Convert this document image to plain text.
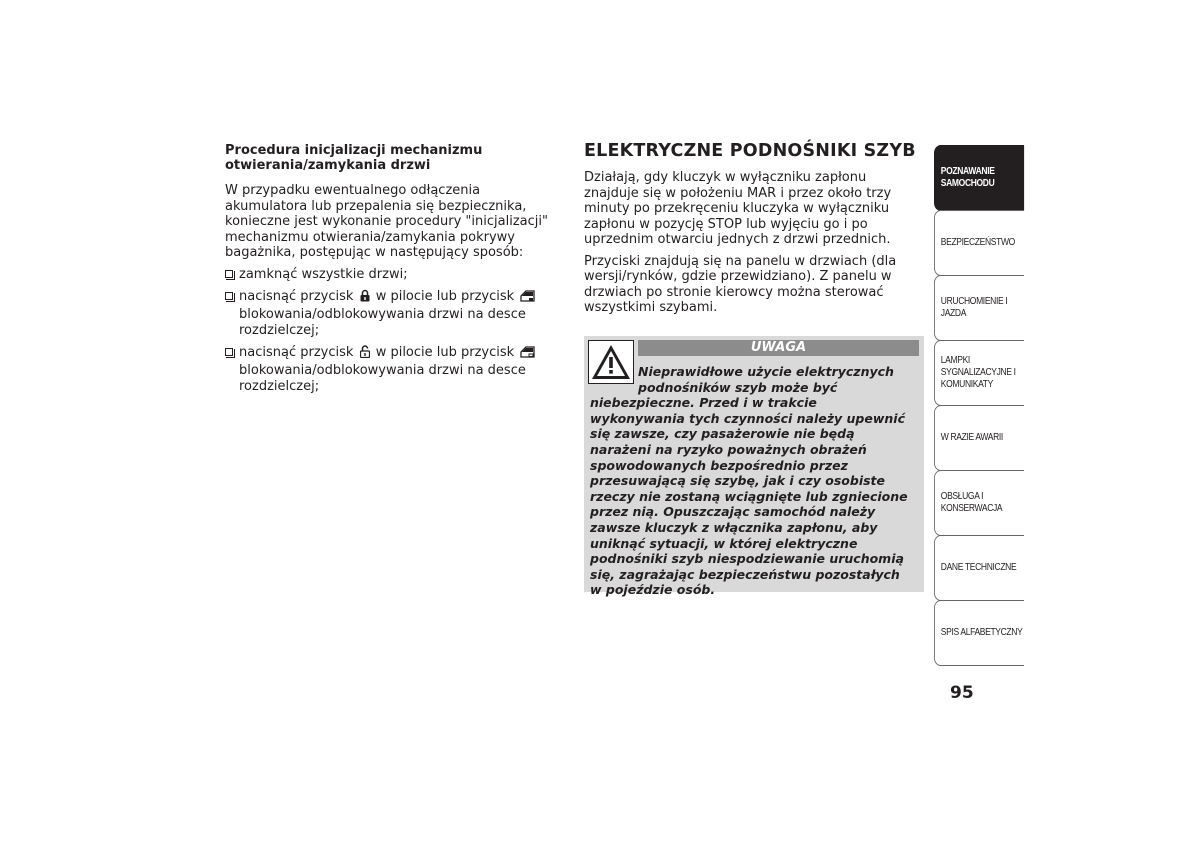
Procedura inicjalizacji mechanizmu
otwierania/zamykania drzwi

W przypadku ewentualnego odłączenia akumulatora lub przepalenia się bezpiecznika, konieczne jest wykonanie procedury "inicjalizacji" mechanizmu otwierania/zamykania pokrywy bagażnika, postępując w następujący sposób:

zamknąć wszystkie drzwi;
nacisnąć przycisk w pilocie lub przycisk  blokowania/odblokowywania drzwi na desce rozdzielczej;
nacisnąć przycisk w pilocie lub przycisk  blokowania/odblokowywania drzwi na desce rozdzielczej;
ELEKTRYCZNE PODNOŚNIKI SZYB

Działają, gdy kluczyk w wyłączniku zapłonu znajduje się w położeniu MAR i przez około trzy minuty po przekręceniu kluczyka w wyłączniku zapłonu w pozycję STOP lub wyjęciu go i po uprzednim otwarciu jednych z drzwi przednich.

Przyciski znajdują się na panelu w drzwiach (dla wersji/rynków, gdzie przewidziano). Z panelu w drzwiach po stronie kierowcy można sterować wszystkimi szybami.

UWAGA
Nieprawidłowe użycie elektrycznych
podnośników szyb może być
niebezpieczne. Przed i w trakcie wykonywania tych czynności należy upewnić się zawsze, czy pasażerowie nie będą narażeni na ryzyko poważnych obrażeń spowodowanych bezpośrednio przez przesuwającą się szybę, jak i czy osobiste rzeczy nie zostaną wciągnięte lub zgniecione przez nią. Opuszczając samochód należy zawsze kluczyk z włącznika zapłonu, aby uniknąć sytuacji, w której elektryczne podnośniki szyb niespodziewanie uruchomią się, zagrażając bezpieczeństwu pozostałych w pojeździe osób.
POZNAWANIE
SAMOCHODU
BEZPIECZEŃSTWO
URUCHOMIENIE I
JAZDA
LAMPKI
SYGNALIZACYJNE I
KOMUNIKATY
W RAZIE AWARII
OBSŁUGA I
KONSERWACJA
DANE TECHNICZNE
SPIS ALFABETYCZNY
95
